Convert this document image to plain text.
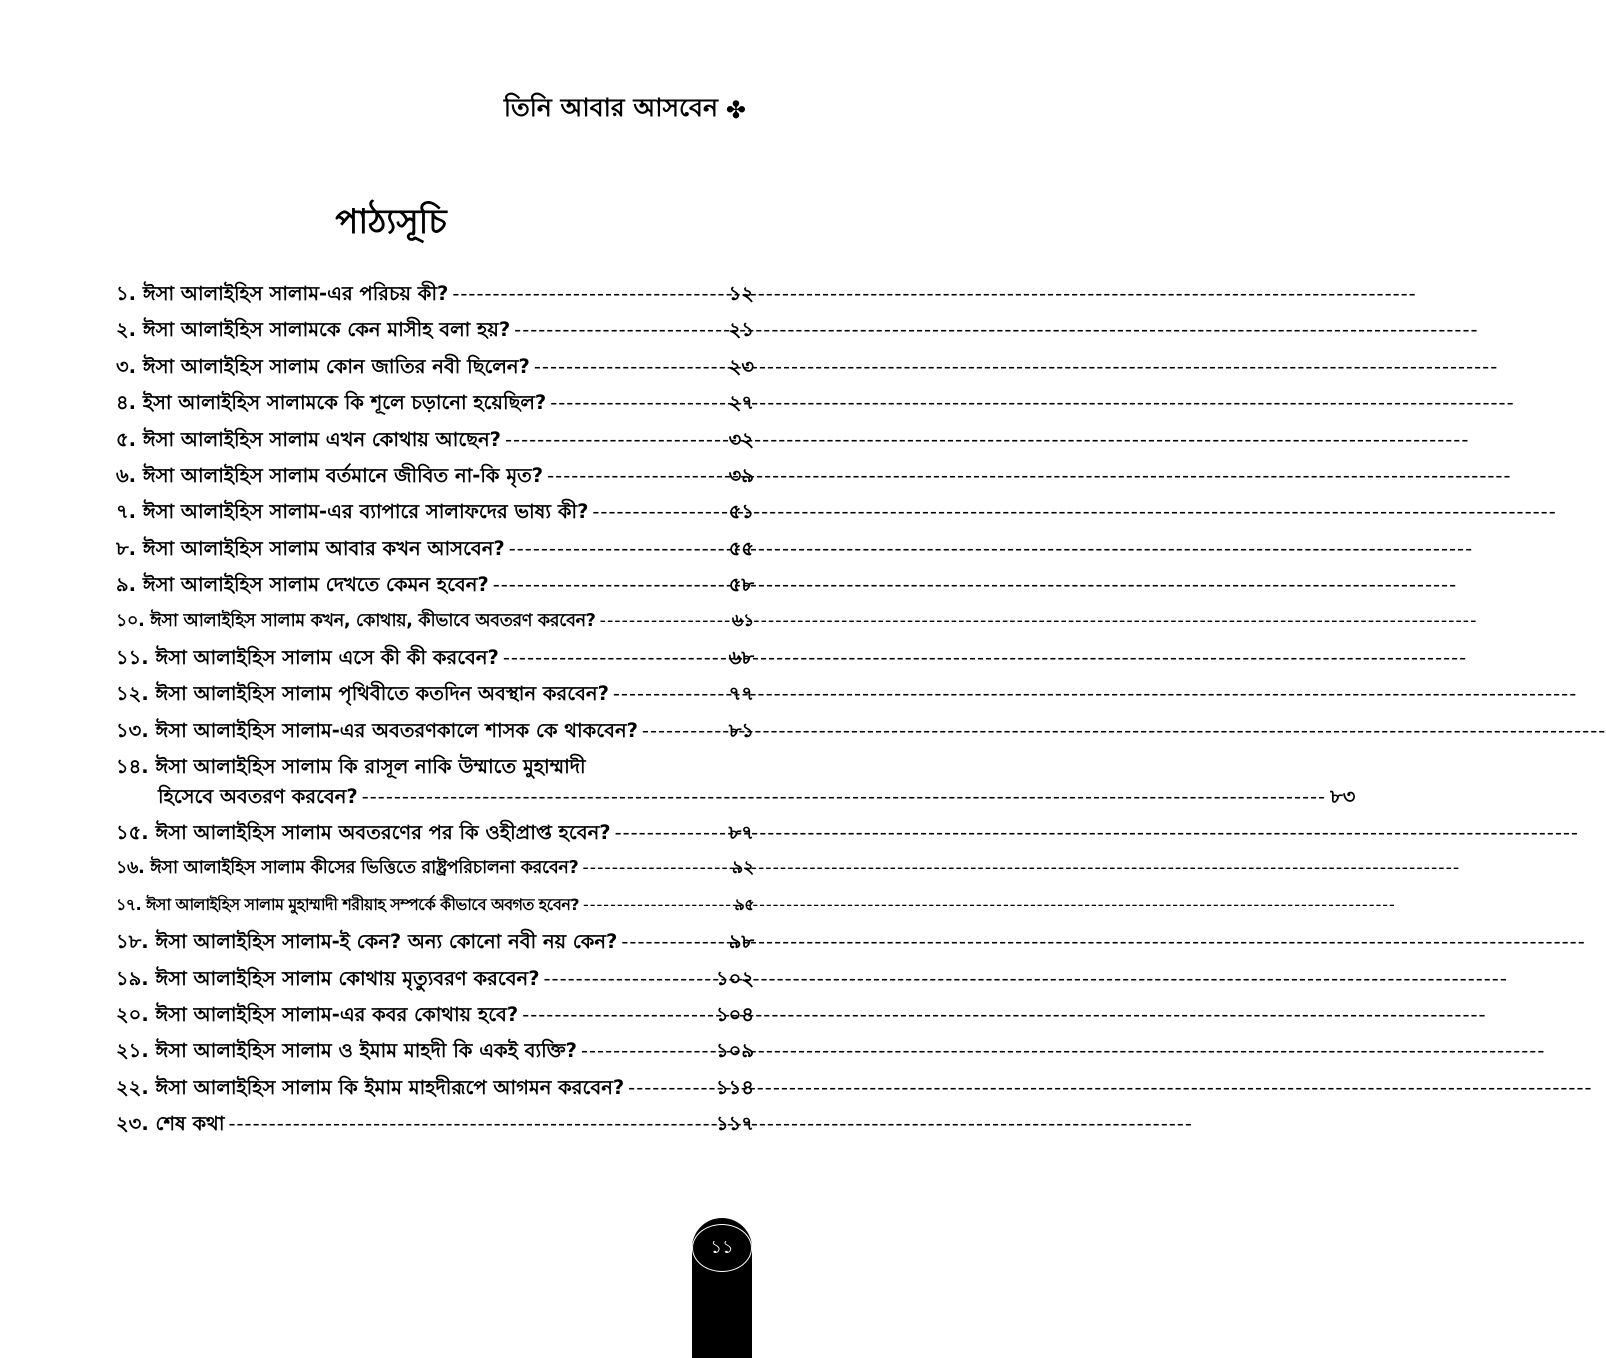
তিনি আবার আসবেন ✤
পাঠ্যসূচি
১. ঈসা আলাইহিস সালাম-এর পরিচয় কী? -----	১২
২. ঈসা আলাইহিস সালামকে কেন মাসীহ বলা হয়? -----	২১
৩. ঈসা আলাইহিস সালাম কোন জাতির নবী ছিলেন? -----	২৩
৪. ইসা আলাইহিস সালামকে কি শূলে চড়ানো হয়েছিল? -----	২৭
৫. ঈসা আলাইহিস সালাম এখন কোথায় আছেন? -----	৩২
৬. ঈসা আলাইহিস সালাম বর্তমানে জীবিত না-কি মৃত? -----	৩৯
৭. ঈসা আলাইহিস সালাম-এর ব্যাপারে সালাফদের ভাষ্য কী? -----	৫১
৮. ঈসা আলাইহিস সালাম আবার কখন আসবেন? -----	৫৫
৯. ঈসা আলাইহিস সালাম দেখতে কেমন হবেন? -----	৫৮
১০. ঈসা আলাইহিস সালাম কখন, কোথায়, কীভাবে অবতরণ করবেন? -----	৬১
১১. ঈসা আলাইহিস সালাম এসে কী কী করবেন? -----	৬৮
১২. ঈসা আলাইহিস সালাম পৃথিবীতে কতদিন অবস্থান করবেন? -----	৭৭
১৩. ঈসা আলাইহিস সালাম-এর অবতরণকালে শাসক কে থাকবেন? -----	৮১
১৪. ঈসা আলাইহিস সালাম কি রাসূল নাকি উম্মাতে মুহাম্মাদী
হিসেবে অবতরণ করবেন? -----	৮৩
১৫. ঈসা আলাইহিস সালাম অবতরণের পর কি ওহীপ্রাপ্ত হবেন? -----	৮৭
১৬. ঈসা আলাইহিস সালাম কীসের ভিত্তিতে রাষ্ট্রপরিচালনা করবেন? -----	৯২
১৭. ঈসা আলাইহিস সালাম মুহাম্মাদী শরীয়াহ সম্পর্কে কীভাবে অবগত হবেন? -----	৯৫
১৮. ঈসা আলাইহিস সালাম-ই কেন? অন্য কোনো নবী নয় কেন? -----	৯৮
১৯. ঈসা আলাইহিস সালাম কোথায় মৃত্যুবরণ করবেন? -----	১০২
২০. ঈসা আলাইহিস সালাম-এর কবর কোথায় হবে? -----	১০৪
২১. ঈসা আলাইহিস সালাম ও ইমাম মাহদী কি একই ব্যক্তি? -----	১০৯
২২. ঈসা আলাইহিস সালাম কি ইমাম মাহদীরূপে আগমন করবেন? -----	১১৪
২৩. শেষ কথা -----	১১৭
১১
